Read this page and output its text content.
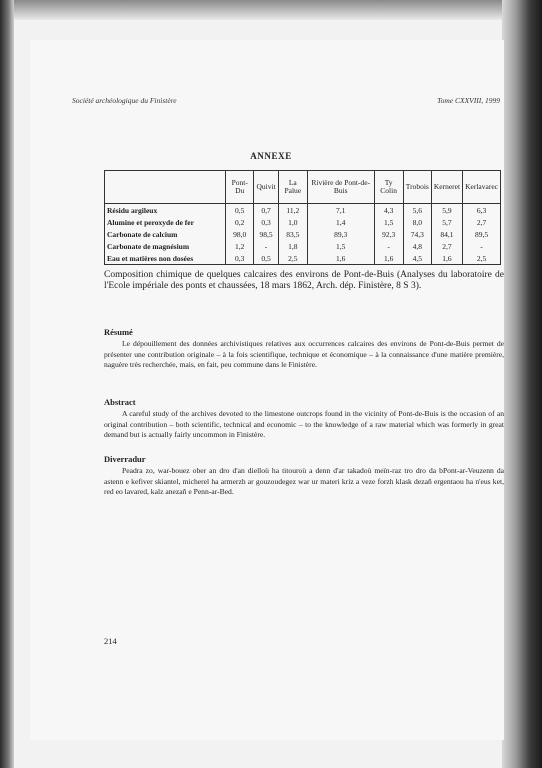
Société archéologique du Finistère	Tome CXXVIII, 1999
ANNEXE
	Pont-Du	Quivit	La Palue	Rivière de Pont-de-Buis	Ty Colin	Trobois	Kerneret	Kerlavarec
Résidu argileux	0,5	0,7	11,2	7,1	4,3	5,6	5,9	6,3
Alumine et peroxyde de fer	0,2	0,3	1,0	1,4	1,5	8,0	5,7	2,7
Carbonate de calcium	98,0	98,5	83,5	89,3	92,3	74,3	84,1	89,5
Carbonate de magnésium	1,2	-	1,8	1,5	-	4,8	2,7	-
Eau et matières non dosées	0,3	0,5	2,5	1,6	1,6	4,5	1,6	2,5
Composition chimique de quelques calcaires des environs de Pont-de-Buis (Analyses du laboratoire de l'Ecole impériale des ponts et chaussées, 18 mars 1862, Arch. dép. Finistère, 8 S 3).
Résumé
Le dépouillement des données archivistiques relatives aux occurrences calcaires des environs de Pont-de-Buis permet de présenter une contribution originale – à la fois scientifique, technique et économique – à la connaissance d'une matière première, naguère très recherchée, mais, en fait, peu commune dans le Finistère.
Abstract
A careful study of the archives devoted to the limestone outcrops found in the vicinity of Pont-de-Buis is the occasion of an original contribution – both scientific, technical and economic – to the knowledge of a raw material which was formerly in great demand but is actually fairly uncommon in Finistère.
Diverradur
Peadra zo, war-bouez ober an dro d'an dielloù ha titouroù a denn d'ar takadoù meïn-raz tro dro da bPont-ar-Veuzenn da astenn e kefiver skiantel, micherel ha armerzh ar gouzoudegez war ur materi kriz a veze forzh klask dezañ ergentaou ha n'eus ket, red eo lavared, kalz anezañ e Penn-ar-Bed.
214
